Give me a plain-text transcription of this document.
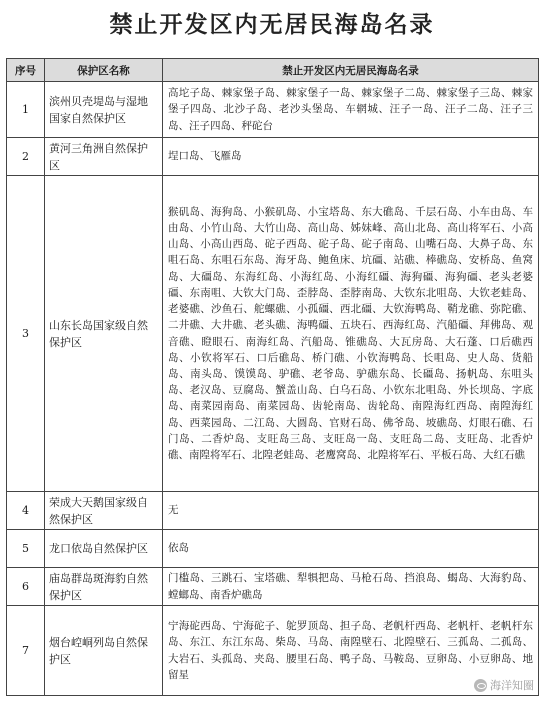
禁止开发区内无居民海岛名录
序号	保护区名称	禁止开发区内无居民海岛名录
1	滨州贝壳堤岛与湿地国家自然保护区	高坨子岛、棘家堡子岛、棘家堡子一岛、棘家堡子二岛、棘家堡子三岛、棘家堡子四岛、北沙子岛、老沙头堡岛、车辋城、汪子一岛、汪子二岛、汪子三岛、汪子四岛、秤砣台
2	黄河三角洲自然保护区	埕口岛、飞雁岛
3	山东长岛国家级自然保护区	猴矶岛、海狗岛、小猴矶岛、小宝塔岛、东大礁岛、千层石岛、小车由岛、车由岛、小竹山岛、大竹山岛、高山岛、姊妹峰、高山北岛、高山将军石、小高山岛、小高山西岛、砣子西岛、砣子岛、砣子南岛、山嘴石岛、大鼻子岛、东咀石岛、东咀石东岛、海牙岛、鲍鱼床、坑礓、站礁、棒礁岛、安桥岛、鱼窝岛、大礓岛、东海红岛、小海红岛、小海红礓、海狗礓、海狗礓、老头老婆礓、东南咀、大钦大门岛、歪脖岛、歪脖南岛、大钦东北咀岛、大钦老蛙岛、老婆礁、沙鱼石、舵螺礁、小孤礓、西北礓、大钦海鸭岛、鞘龙礁、弥陀礁、二井礁、大井礁、老头礁、海鸭礓、五块石、西海红岛、汽船礓、拜佛岛、观音礁、瞪眼石、南海红岛、汽船岛、锥礁岛、大瓦房岛、大石蓬、口后礁西岛、小钦将军石、口后礁岛、桥门礁、小钦海鸭岛、长咀岛、史人岛、货船岛、南头岛、馍馍岛、驴礁、老爷岛、驴礁东岛、长礓岛、扬帆岛、东咀头岛、老汉岛、豆腐岛、蟹盖山岛、白乌石岛、小钦东北咀岛、外长坝岛、字底岛、南菜园南岛、南菜园岛、齿轮南岛、齿轮岛、南隍海红西岛、南隍海红岛、西菜园岛、二江岛、大圆岛、官财石岛、佛爷岛、坡礁岛、灯眼石礁、石门岛、二香炉岛、支旺岛三岛、支旺岛一岛、支旺岛二岛、支旺岛、北香炉礁、南隍将军石、北隍老蛙岛、老鹰窝岛、北隍将军石、平板石岛、大红石礁
4	荣成大天鹅国家级自然保护区	无
5	龙口依岛自然保护区	依岛
6	庙岛群岛斑海豹自然保护区	门槛岛、三跳石、宝塔礁、犁犋把岛、马枪石岛、挡浪岛、蝎岛、大海豹岛、螳螂岛、南香炉礁岛
7	烟台崆峒列岛自然保护区	宁海砣西岛、宁海砣子、鸵罗顶岛、担子岛、老帆杆西岛、老帆杆、老帆杆东岛、东江、东江东岛、柴岛、马岛、南隍壁石、北隍壁石、三孤岛、二孤岛、大岩石、头孤岛、夹岛、腰里石岛、鸭子岛、马鞍岛、豆卵岛、小豆卵岛、地留星
海洋知圈
